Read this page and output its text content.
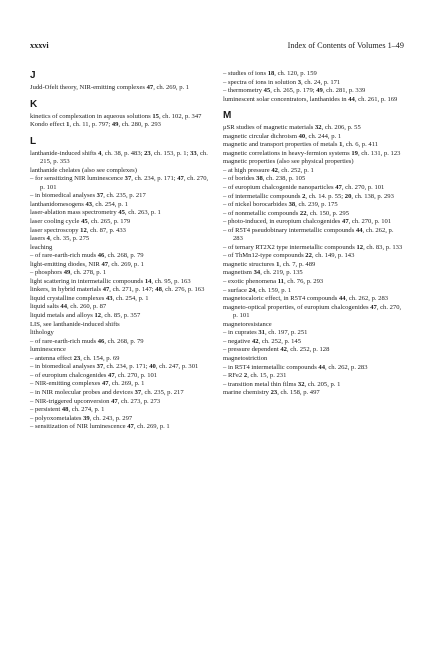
xxxvi	Index of Contents of Volumes 1–49
J
Judd-Ofelt theory, NIR-emitting complexes 47, ch. 269, p. 1
K
kinetics of complexation in aqueous solutions 15, ch. 102, p. 347
Kondo effect 1, ch. 11, p. 797; 49, ch. 280, p. 293
L
lanthanide-induced shifts 4, ch. 38, p. 483; 23, ch. 153, p. 1; 33, ch. 215, p. 353
lanthanide chelates (also see complexes)
– for sensitizing NIR luminescence 37, ch. 234, p. 171; 47, ch. 270, p. 101
– in biomedical analyses 37, ch. 235, p. 217
lanthanidomesogens 43, ch. 254, p. 1
laser-ablation mass spectrometry 45, ch. 263, p. 1
laser cooling cycle 45, ch. 265, p. 179
laser spectroscopy 12, ch. 87, p. 433
lasers 4, ch. 35, p. 275
leaching
– of rare-earth-rich muds 46, ch. 268, p. 79
light-emitting diodes, NIR 47, ch. 269, p. 1
– phosphors 49, ch. 278, p. 1
light scattering in intermetallic compounds 14, ch. 95, p. 163
linkers, in hybrid materials 47, ch. 271, p. 147; 48, ch. 276, p. 163
liquid crystalline complexes 43, ch. 254, p. 1
liquid salts 44, ch. 260, p. 87
liquid metals and alloys 12, ch. 85, p. 357
LIS, see lanthanide-induced shifts
lithology
– of rare-earth-rich muds 46, ch. 268, p. 79
luminescence
– antenna effect 23, ch. 154, p. 69
– in biomedical analyses 37, ch. 234, p. 171; 40, ch. 247, p. 301
– of europium chalcogenides 47, ch. 270, p. 101
– NIR-emitting complexes 47, ch. 269, p. 1
– in NIR molecular probes and devices 37, ch. 235, p. 217
– NIR-triggered upconversion 47, ch. 273, p. 273
– persistent 48, ch. 274, p. 1
– polyoxometalates 39, ch. 243, p. 297
– sensitization of NIR luminescence 47, ch. 269, p. 1
– studies of ions 18, ch. 120, p. 159
– spectra of ions in solution 3, ch. 24, p. 171
– thermometry 45, ch. 265, p. 179; 49, ch. 281, p. 339
luminescent solar concentrators, lanthanides in 44, ch. 261, p. 169
M
μSR studies of magnetic materials 32, ch. 206, p. 55
magnetic circular dichroism 40, ch. 244, p. 1
magnetic and transport properties of metals 1, ch. 6, p. 411
magnetic correlations in heavy-fermion systems 19, ch. 131, p. 123
magnetic properties (also see physical properties)
– at high pressure 42, ch. 252, p. 1
– of borides 38, ch. 238, p. 105
– of europium chalcogenide nanoparticles 47, ch. 270, p. 101
– of intermetallic compounds 2, ch. 14. p. 55; 20, ch. 138, p. 293
– of nickel borocarbides 38, ch. 239, p. 175
– of nonmetallic compounds 22, ch. 150, p. 295
– photo-induced, in europium chalcogenides 47, ch. 270, p. 101
– of R5T4 pseudobinary intermetallic compounds 44, ch. 262, p. 283
– of ternary RT2X2 type intermetallic compounds 12, ch. 83, p. 133
– of ThMn12-type compounds 22, ch. 149, p. 143
magnetic structures 1, ch. 7, p. 489
magnetism 34, ch. 219, p. 135
– exotic phenomena 11, ch. 76, p. 293
– surface 24, ch. 159, p. 1
magnetocaloric effect, in R5T4 compounds 44, ch. 262, p. 283
magneto-optical properties, of europium chalcogenides 47, ch. 270, p. 101
magnetoresistance
– in cuprates 31, ch. 197, p. 251
– negative 42, ch. 252, p. 145
– pressure dependent 42, ch. 252, p. 128
magnetostriction
– in R5T4 intermetallic compounds 44, ch. 262, p. 283
– RFe2 2, ch. 15, p. 231
– transition metal thin films 32, ch. 205, p. 1
marine chemistry 23, ch. 158, p. 497
